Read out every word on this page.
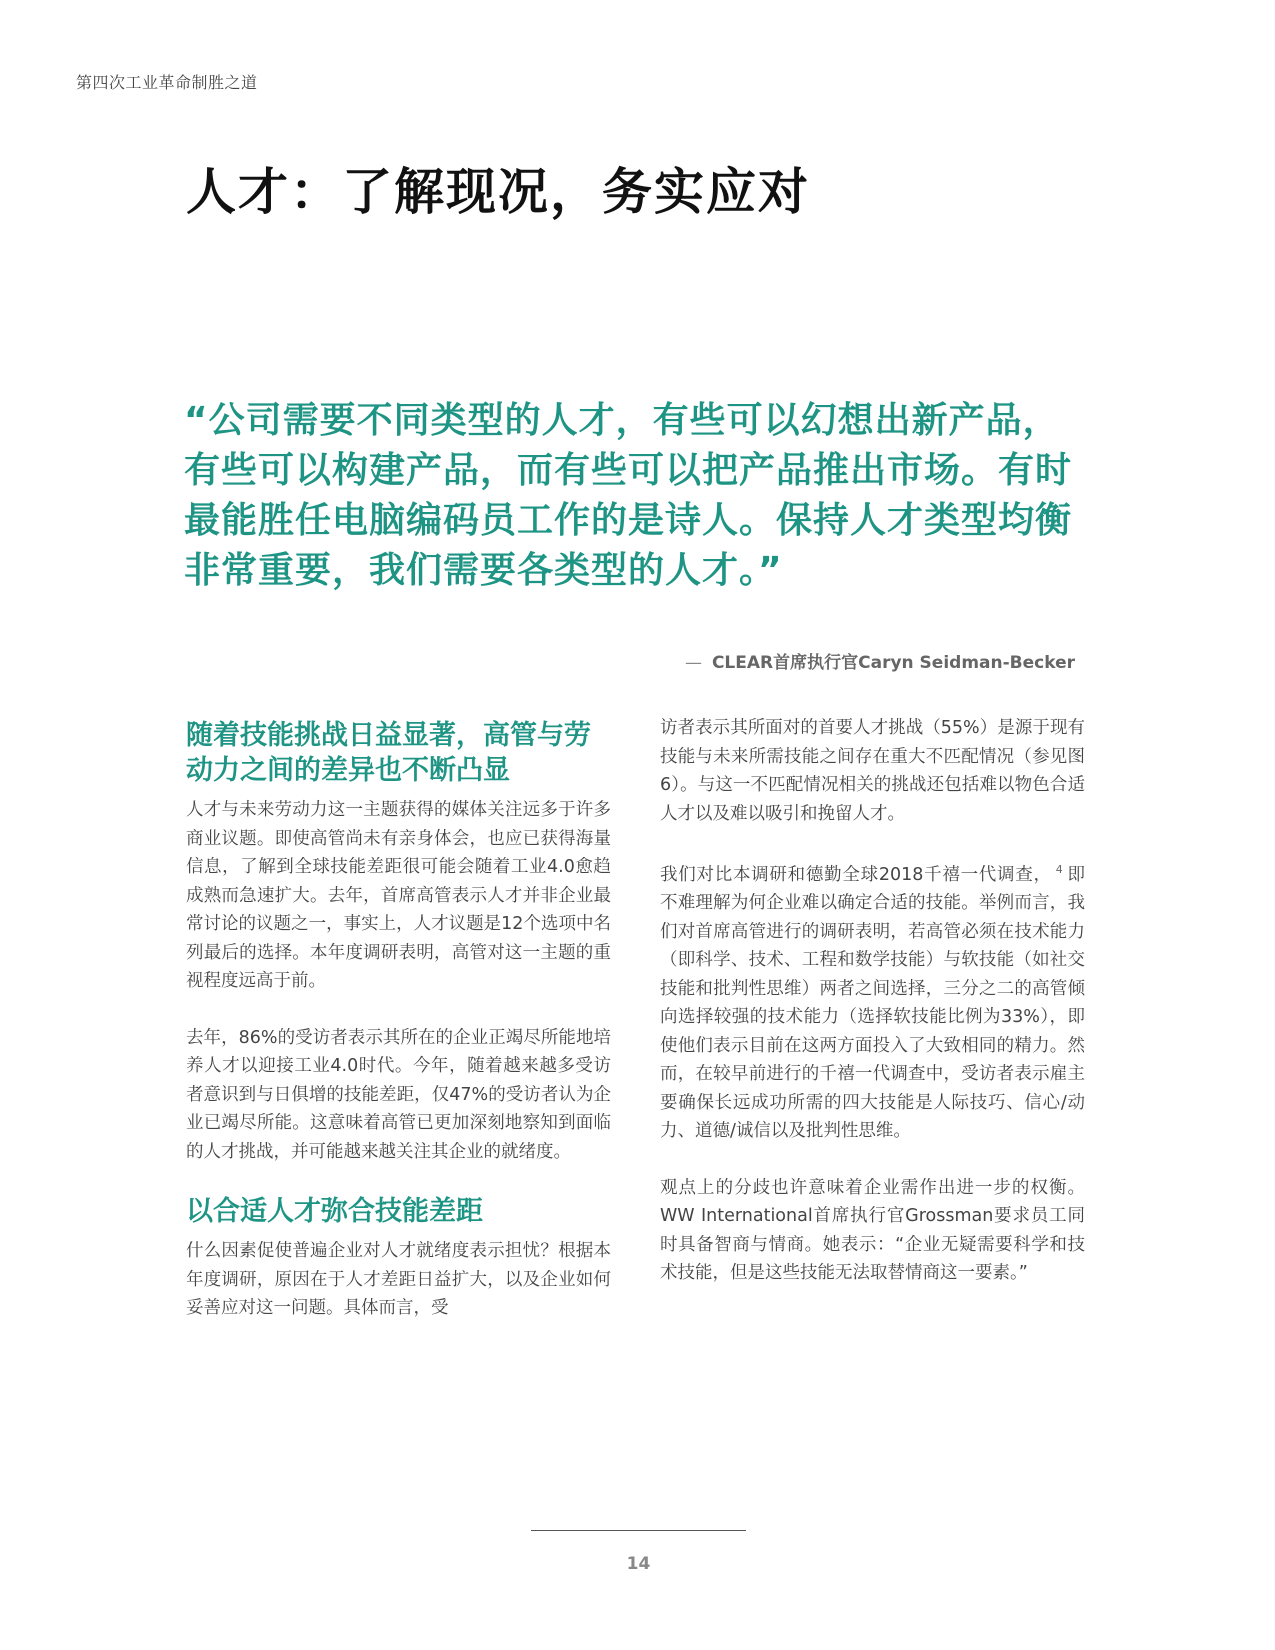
第四次工业革命制胜之道
人才：了解现况，务实应对

“公司需要不同类型的人才，有些可以幻想出新产品，有些可以构建产品，而有些可以把产品推出市场。有时最能胜任电脑编码员工作的是诗人。保持人才类型均衡非常重要，我们需要各类型的人才。”

— CLEAR首席执行官Caryn Seidman-Becker
随着技能挑战日益显著，高管与劳动力之间的差异也不断凸显

人才与未来劳动力这一主题获得的媒体关注远多于许多商业议题。即使高管尚未有亲身体会，也应已获得海量信息，了解到全球技能差距很可能会随着工业4.0愈趋成熟而急速扩大。去年，首席高管表示人才并非企业最常讨论的议题之一，事实上，人才议题是12个选项中名列最后的选择。本年度调研表明，高管对这一主题的重视程度远高于前。

去年，86%的受访者表示其所在的企业正竭尽所能地培养人才以迎接工业4.0时代。今年，随着越来越多受访者意识到与日俱增的技能差距，仅47%的受访者认为企业已竭尽所能。这意味着高管已更加深刻地察知到面临的人才挑战，并可能越来越关注其企业的就绪度。

以合适人才弥合技能差距

什么因素促使普遍企业对人才就绪度表示担忧？根据本年度调研，原因在于人才差距日益扩大，以及企业如何妥善应对这一问题。具体而言，受

访者表示其所面对的首要人才挑战（55%）是源于现有技能与未来所需技能之间存在重大不匹配情况（参见图6）。与这一不匹配情况相关的挑战还包括难以物色合适人才以及难以吸引和挽留人才。

我们对比本调研和德勤全球2018千禧一代调查， $^4$ 即不难理解为何企业难以确定合适的技能。举例而言，我们对首席高管进行的调研表明，若高管必须在技术能力（即科学、技术、工程和数学技能）与软技能（如社交技能和批判性思维）两者之间选择，三分之二的高管倾向选择较强的技术能力（选择软技能比例为33%），即使他们表示目前在这两方面投入了大致相同的精力。然而，在较早前进行的千禧一代调查中，受访者表示雇主要确保长远成功所需的四大技能是人际技巧、信心/动力、道德/诚信以及批判性思维。

观点上的分歧也许意味着企业需作出进一步的权衡。WW International首席执行官Grossman要求员工同时具备智商与情商。她表示：“企业无疑需要科学和技术技能，但是这些技能无法取替情商这一要素。”

14
